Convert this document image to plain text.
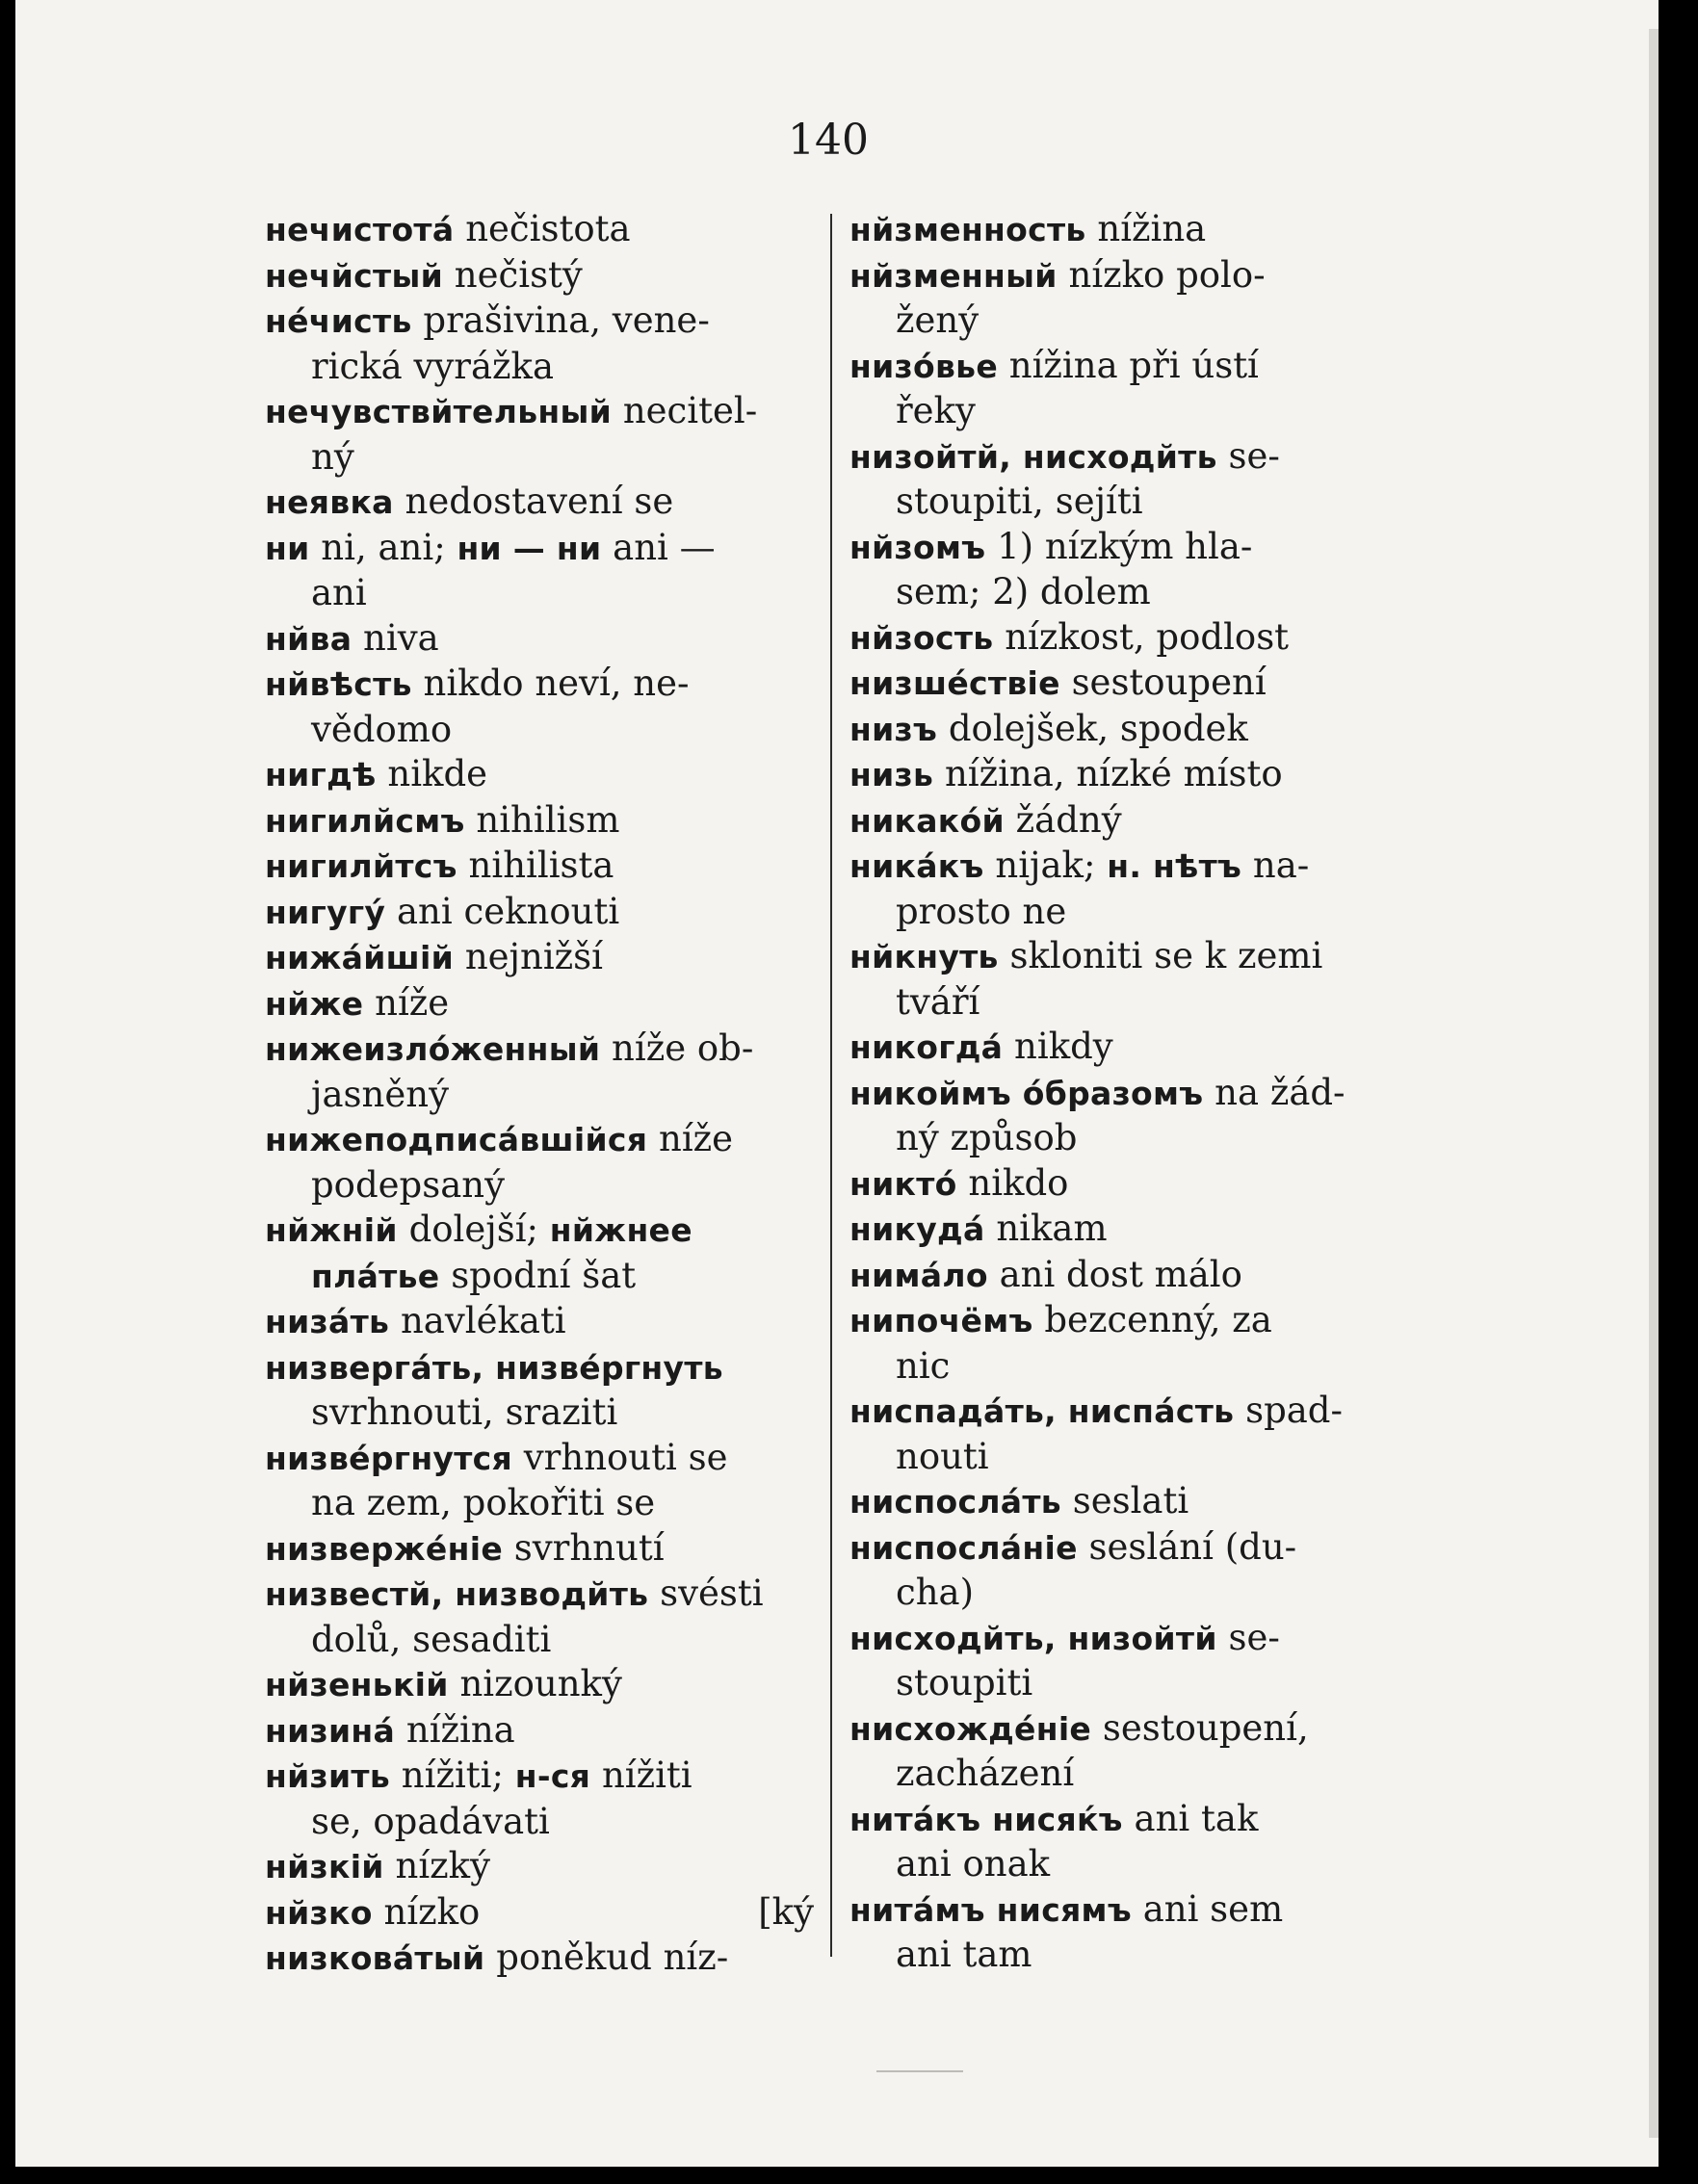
140
нечистотá nečistota
нечйстый nečistý
нéчисть prašivina, vene-
rická vyrážka
нечувствйтельный necitel-
ný
неявка nedostavení se
ни ni, ani; ни — ни ani —
ani
нйва niva
нйвѣсть nikdo neví, ne-
vědomo
нигдѣ nikde
нигилйсмъ nihilism
нигилйтсъ nihilista
нигугý ani ceknouti
нижáйшій nejnižší
нйже níže
нижеизлóженный níže ob-
jasněný
нижеподписáвшійся níže
podepsaný
нйжній dolejší; нйжнее
плáтье spodní šat
низáть navlékati
низвергáть, низвéргнуть
svrhnouti, sraziti
низвéргнутся vrhnouti se
na zem, pokořiti se
низвержéніе svrhnutí
низвестй, низводйть svésti
dolů, sesaditi
нйзенькій nizounký
низинá nížina
нйзить nížiti; н-ся nížiti
se, opadávati
нйзкій nízký
нйзко nízko	[ký
низковáтый poněkud níz-
нйзменность nížina
нйзменный nízko polo-
žený
низóвье nížina při ústí
řeky
низойтй, нисходйть se-
stoupiti, sejíti
нйзомъ 1) nízkým hla-
sem; 2) dolem
нйзость nízkost, podlost
низшéствіе sestoupení
низъ dolejšek, spodek
низь nížina, nízké místo
никакóй žádný
никáкъ nijak; н. нѣтъ na-
prosto ne
нйкнуть skloniti se k zemi
tváří
никогдá nikdy
никоймъ óбразомъ na žád-
ný způsob
никтó nikdo
никудá nikam
нимáло ani dost málo
нипочёмъ bezcenný, za
nic
ниспадáть, ниспáсть spad-
nouti
ниспослáть seslati
ниспослáніе seslání (du-
cha)
нисходйть, низойтй se-
stoupiti
нисхождéніе sestoupení,
zacházení
нитáкъ нисяќъ ani tak
ani onak
нитáмъ нисямъ ani sem
ani tam
